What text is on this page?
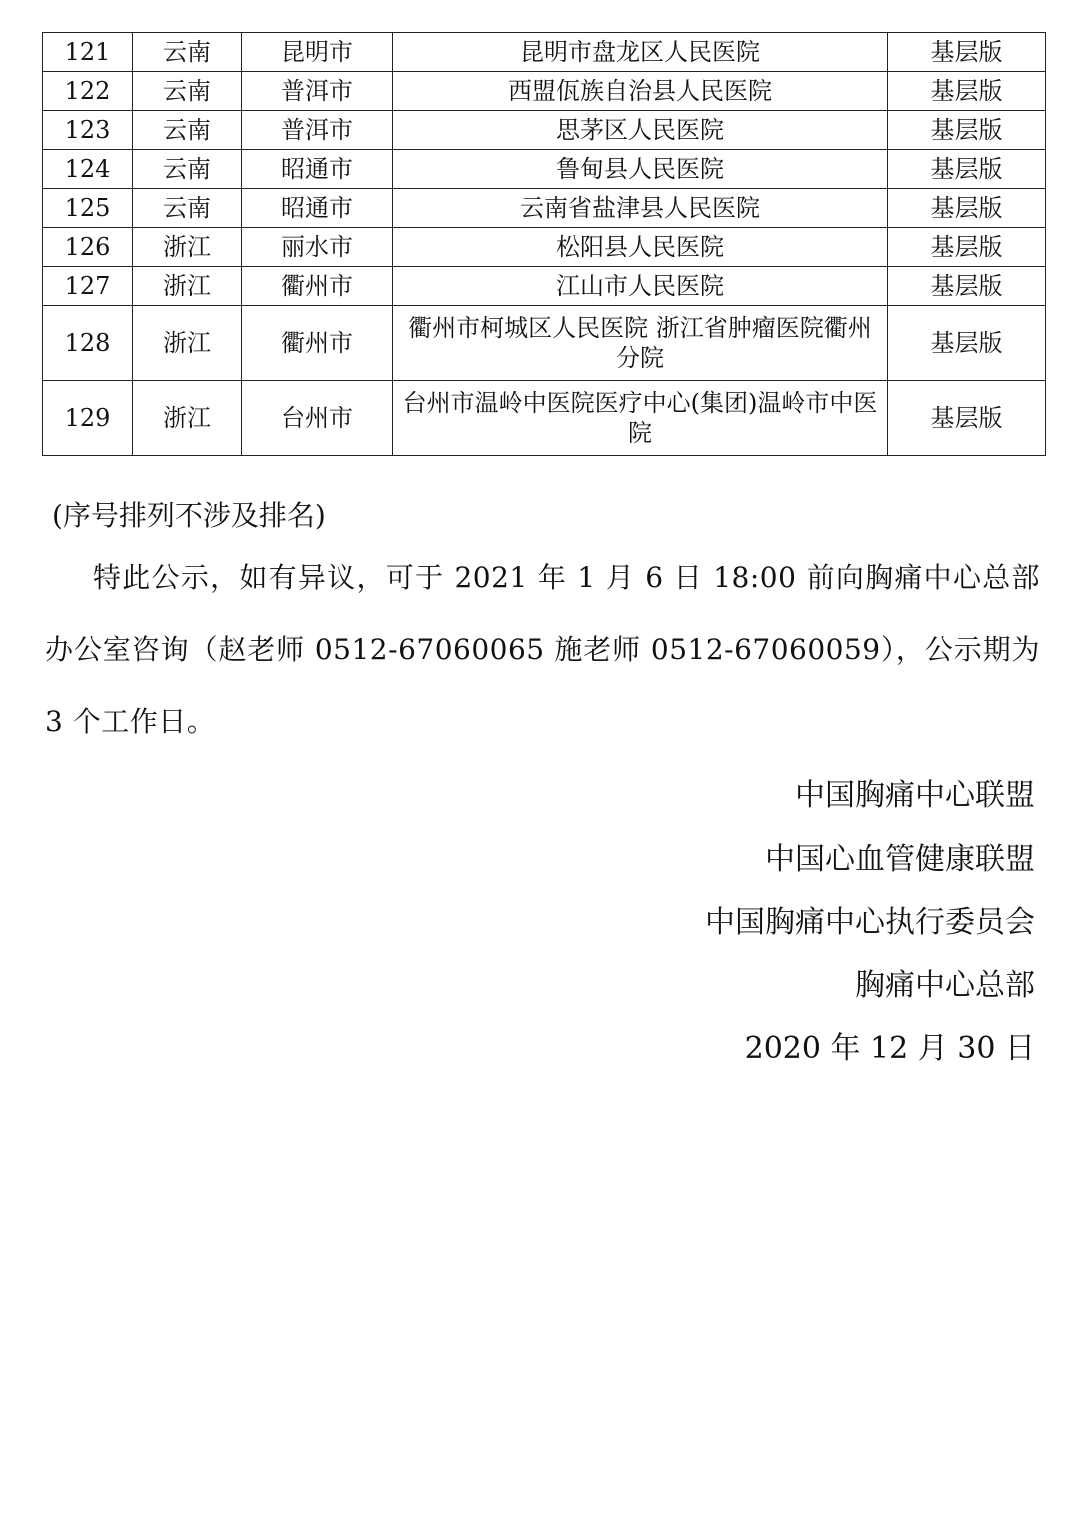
121	云南	昆明市	昆明市盘龙区人民医院	基层版
122	云南	普洱市	西盟佤族自治县人民医院	基层版
123	云南	普洱市	思茅区人民医院	基层版
124	云南	昭通市	鲁甸县人民医院	基层版
125	云南	昭通市	云南省盐津县人民医院	基层版
126	浙江	丽水市	松阳县人民医院	基层版
127	浙江	衢州市	江山市人民医院	基层版
128	浙江	衢州市	衢州市柯城区人民医院 浙江省肿瘤医院衢州分院	基层版
129	浙江	台州市	台州市温岭中医院医疗中心(集团)温岭市中医院	基层版

(序号排列不涉及排名)

特此公示，如有异议，可于 2021 年 1 月 6 日 18:00 前向胸痛中心总部办公室咨询（赵老师 0512-67060065 施老师 0512-67060059），公示期为 3 个工作日。

中国胸痛中心联盟

中国心血管健康联盟

中国胸痛中心执行委员会

胸痛中心总部

2020 年 12 月 30 日
